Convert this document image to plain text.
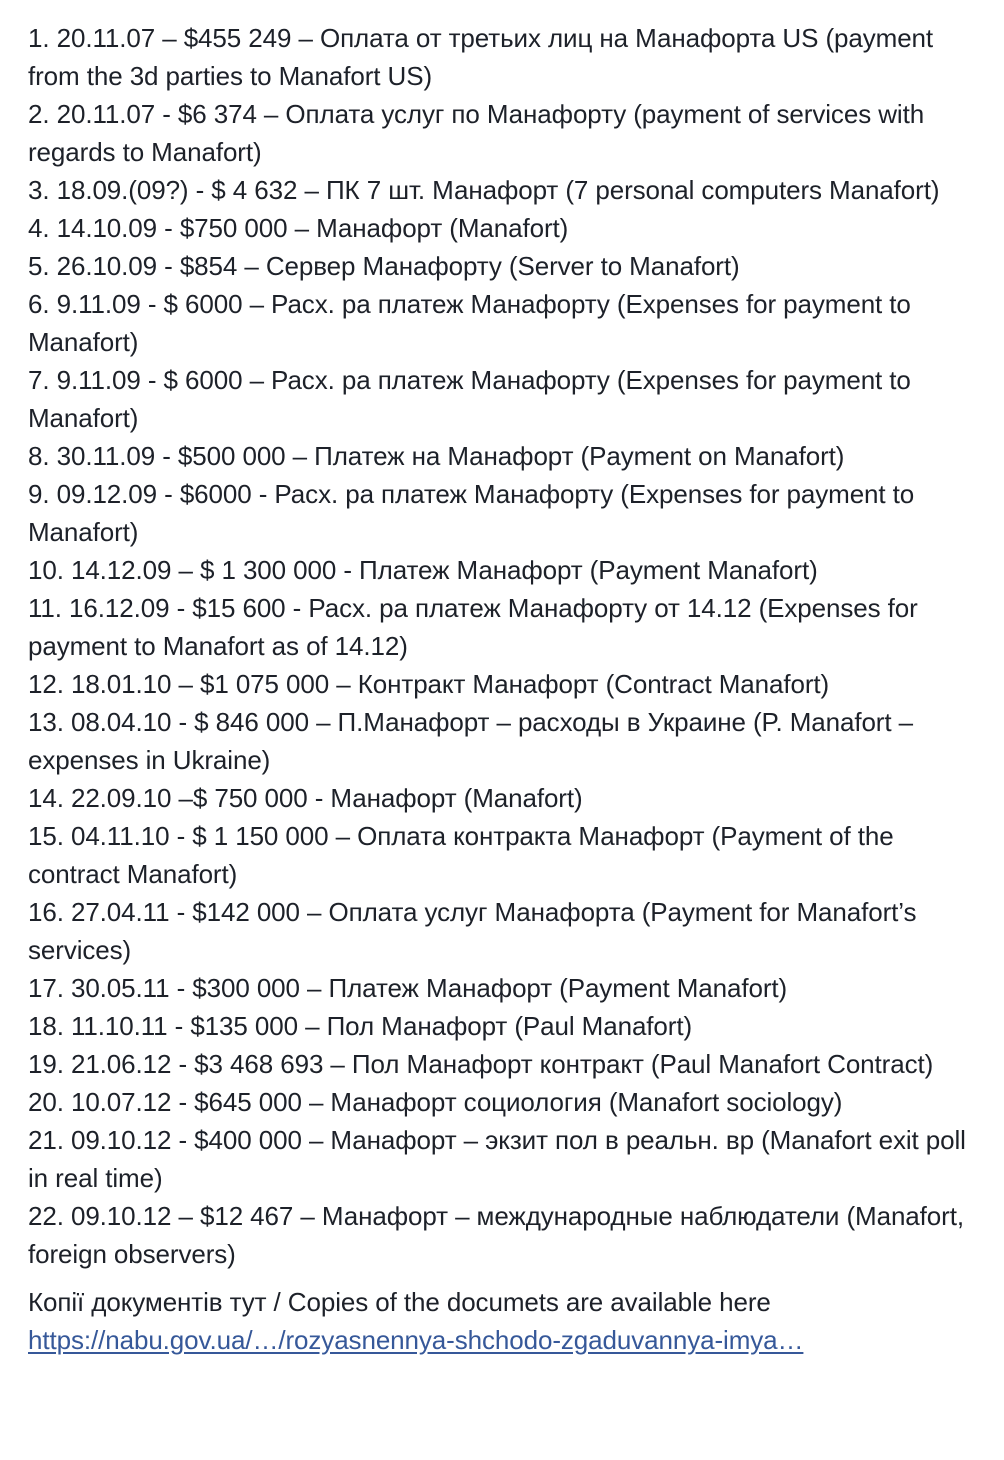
1. 20.11.07 – $455 249 – Оплата от третьих лиц на Манафорта US (payment from the 3d parties to Manafort US)
2. 20.11.07 - $6 374 – Оплата услуг по Манафорту (payment of services with regards to Manafort)
3. 18.09.(09?) - $ 4 632 – ПК 7 шт. Манафорт (7 personal computers Manafort)
4. 14.10.09 - $750 000 – Манафорт (Manafort)
5. 26.10.09 - $854 – Сервер Манафорту (Server to Manafort)
6. 9.11.09 - $ 6000 – Расх. ра платеж Манафорту (Expenses for payment to Manafort)
7. 9.11.09 - $ 6000 – Расх. ра платеж Манафорту (Expenses for payment to Manafort)
8. 30.11.09 - $500 000 – Платеж на Манафорт (Payment on Manafort)
9. 09.12.09 - $6000 - Расх. ра платеж Манафорту (Expenses for payment to Manafort)
10. 14.12.09 – $ 1 300 000 - Платеж Манафорт (Payment Manafort)
11. 16.12.09 - $15 600 - Расх. ра платеж Манафорту от 14.12 (Expenses for payment to Manafort as of 14.12)
12. 18.01.10 – $1 075 000 – Контракт Манафорт (Contract Manafort)
13. 08.04.10 - $ 846 000 – П.Манафорт – расходы в Украине (P. Manafort – expenses in Ukraine)
14. 22.09.10 –$ 750 000 - Манафорт (Manafort)
15. 04.11.10 - $ 1 150 000 – Оплата контракта Манафорт (Payment of the contract Manafort)
16. 27.04.11 - $142 000 – Оплата услуг Манафорта (Payment for Manafort’s services)
17. 30.05.11 - $300 000 – Платеж Манафорт (Payment Manafort)
18. 11.10.11 - $135 000 – Пол Манафорт (Paul Manafort)
19. 21.06.12 - $3 468 693 – Пол Манафорт контракт (Paul Manafort Contract)
20. 10.07.12 - $645 000 – Манафорт социология (Manafort sociology)
21. 09.10.12 - $400 000 – Манафорт – экзит пол в реальн. вр (Manafort exit poll in real time)
22. 09.10.12 – $12 467 – Манафорт – международные наблюдатели (Manafort, foreign observers)
Копії документів тут / Copies of the documets are available here
https://nabu.gov.ua/…/rozyasnennya-shchodo-zgaduvannya-imya…
